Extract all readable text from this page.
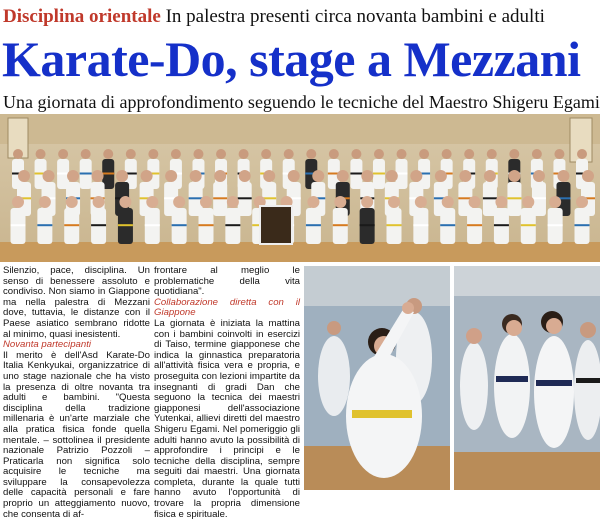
Disciplina orientale In palestra presenti circa novanta bambini e adulti
Karate-Do, stage a Mezzani
Una giornata di approfondimento seguendo le tecniche del Maestro Shigeru Egami

Silenzio, pace, disciplina. Un senso di benessere assoluto e condiviso. Non siamo in Giappone ma nella palestra di Mezzani dove, tuttavia, le distanze con il Paese asiatico sembrano ridotte al minimo, quasi inesistenti.

Novanta partecipanti

Il merito è dell'Asd Karate-Do Italia Kenkyukai, organizzatrice di uno stage nazionale che ha visto la presenza di oltre novanta tra adulti e bambini. "Questa disciplina della tradizione millenaria è un'arte marziale che alla pratica fisica fonde quella mentale. – sottolinea il presidente nazionale Patrizio Pozzoli – Praticarla non significa solo acquisire le tecniche ma sviluppare la consapevolezza delle capacità personali e fare proprio un atteggiamento nuovo, che consenta di af-

frontare al meglio le problematiche della vita quotidiana".

Collaborazione diretta con il Giappone

La giornata è iniziata la mattina con i bambini coinvolti in esercizi di Taiso, termine giapponese che indica la ginnastica preparatoria all'attività fisica vera e propria, e proseguita con lezioni impartite da insegnanti di gradi Dan che seguono la tecnica dei maestri giapponesi dell'associazione Yutenkai, allievi diretti del maestro Shigeru Egami. Nel pomeriggio gli adulti hanno avuto la possibilità di approfondire i principi e le tecniche della disciplina, sempre seguiti dai maestri. Una giornata completa, durante la quale tutti hanno avuto l'opportunità di trovare la propria dimensione fisica e spirituale.
